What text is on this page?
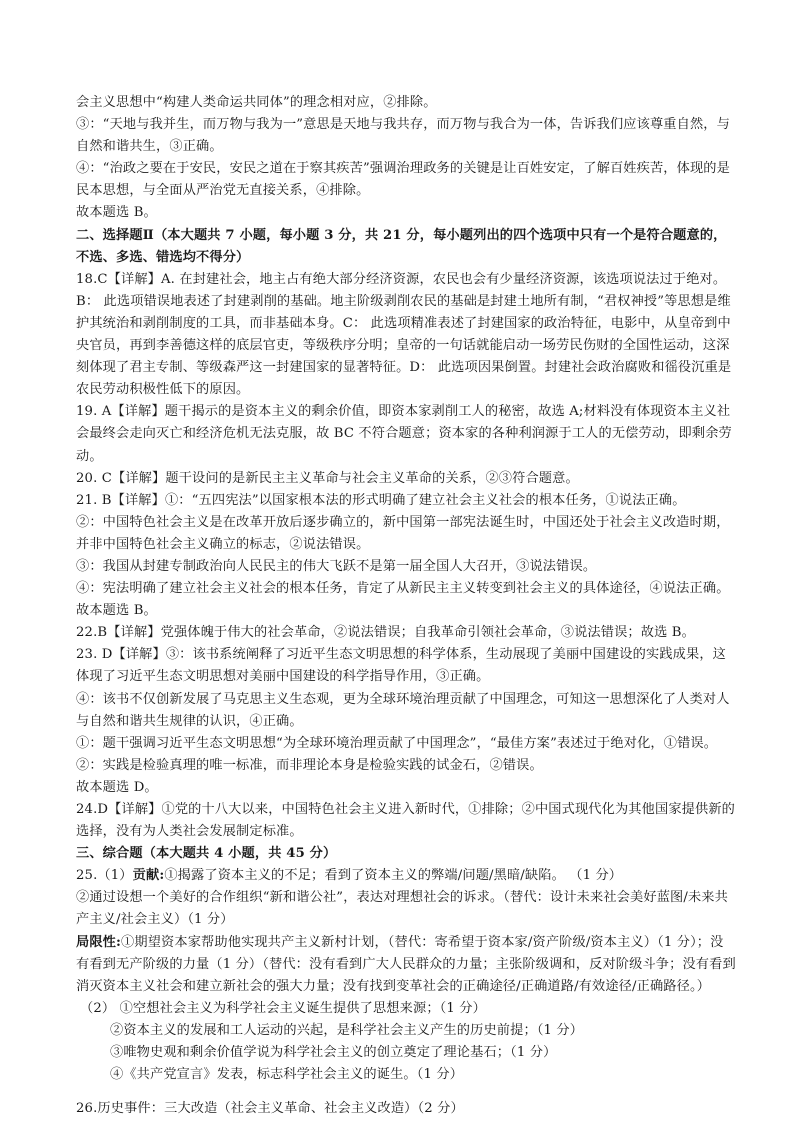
会主义思想中“构建人类命运共同体”的理念相对应，②排除。

③：“天地与我并生，而万物与我为一”意思是天地与我共存，而万物与我合为一体，告诉我们应该尊重自然，与自然和谐共生，③正确。

④：“治政之要在于安民，安民之道在于察其疾苦”强调治理政务的关键是让百姓安定，了解百姓疾苦，体现的是民本思想，与全面从严治党无直接关系，④排除。

故本题选 B。

二、选择题Ⅱ（本大题共 7 小题，每小题 3 分，共 21 分，每小题列出的四个选项中只有一个是符合题意的，不选、多选、错选均不得分）

18.C【详解】A. 在封建社会，地主占有绝大部分经济资源，农民也会有少量经济资源，该选项说法过于绝对。B： 此选项错误地表述了封建剥削的基础。地主阶级剥削农民的基础是封建土地所有制，“君权神授”等思想是维护其统治和剥削制度的工具，而非基础本身。C： 此选项精准表述了封建国家的政治特征，电影中，从皇帝到中央官员，再到李善德这样的底层官吏，等级秩序分明；皇帝的一句话就能启动一场劳民伤财的全国性运动，这深刻体现了君主专制、等级森严这一封建国家的显著特征。D： 此选项因果倒置。封建社会政治腐败和徭役沉重是农民劳动积极性低下的原因。

19. A【详解】题干揭示的是资本主义的剩余价值，即资本家剥削工人的秘密，故选 A;材料没有体现资本主义社会最终会走向灭亡和经济危机无法克服，故 BC 不符合题意；资本家的各种利润源于工人的无偿劳动，即剩余劳动。

20. C【详解】题干设问的是新民主主义革命与社会主义革命的关系，②③符合题意。

21. B【详解】①：“五四宪法”以国家根本法的形式明确了建立社会主义社会的根本任务，①说法正确。

②：中国特色社会主义是在改革开放后逐步确立的，新中国第一部宪法诞生时，中国还处于社会主义改造时期，并非中国特色社会主义确立的标志，②说法错误。

③：我国从封建专制政治向人民民主的伟大飞跃不是第一届全国人大召开，③说法错误。

④：宪法明确了建立社会主义社会的根本任务，肯定了从新民主主义转变到社会主义的具体途径，④说法正确。故本题选 B。

22.B【详解】党强体魄于伟大的社会革命，②说法错误；自我革命引领社会革命，③说法错误；故选 B。

23. D【详解】③：该书系统阐释了习近平生态文明思想的科学体系，生动展现了美丽中国建设的实践成果，这体现了习近平生态文明思想对美丽中国建设的科学指导作用，③正确。

④：该书不仅创新发展了马克思主义生态观，更为全球环境治理贡献了中国理念，可知这一思想深化了人类对人与自然和谐共生规律的认识，④正确。

①：题干强调习近平生态文明思想“为全球环境治理贡献了中国理念”，“最佳方案”表述过于绝对化，①错误。

②：实践是检验真理的唯一标准，而非理论本身是检验实践的试金石，②错误。

故本题选 D。

24.D【详解】①党的十八大以来，中国特色社会主义进入新时代，①排除；②中国式现代化为其他国家提供新的选择，没有为人类社会发展制定标准。

三、综合题（本大题共 4 小题，共 45 分）

25.（1）贡献:①揭露了资本主义的不足；看到了资本主义的弊端/问题/黑暗/缺陷。 （1 分）

②通过设想一个美好的合作组织“新和谐公社”，表达对理想社会的诉求。（替代：设计未来社会美好蓝图/未来共产主义/社会主义）（1 分）

局限性:①期望资本家帮助他实现共产主义新村计划，（替代：寄希望于资本家/资产阶级/资本主义）（1 分）；没有看到无产阶级的力量（1 分）（替代：没有看到广大人民群众的力量；主张阶级调和，反对阶级斗争；没有看到消灭资本主义社会和建立新社会的强大力量；没有找到变革社会的正确途径/正确道路/有效途径/正确路径。）

（2） ①空想社会主义为科学社会主义诞生提供了思想来源；（1 分）

②资本主义的发展和工人运动的兴起，是科学社会主义产生的历史前提；（1 分）

③唯物史观和剩余价值学说为科学社会主义的创立奠定了理论基石；（1 分）

④《共产党宣言》发表，标志科学社会主义的诞生。（1 分）

26.历史事件：三大改造（社会主义革命、社会主义改造）（2 分）
